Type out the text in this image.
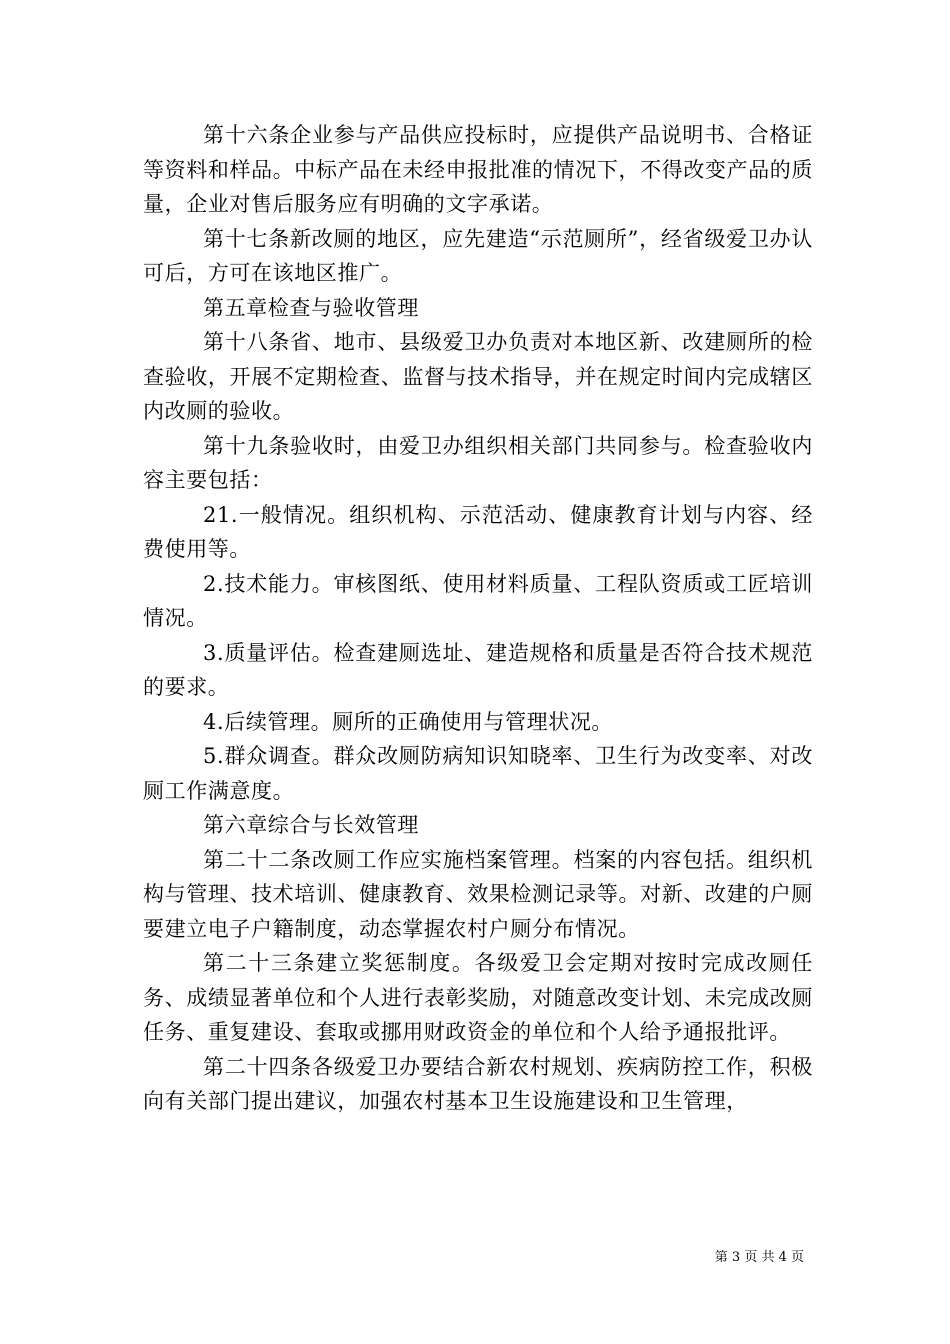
第十六条企业参与产品供应投标时，应提供产品说明书、合格证等资料和样品。中标产品在未经申报批准的情况下，不得改变产品的质量，企业对售后服务应有明确的文字承诺。

第十七条新改厕的地区，应先建造“示范厕所”，经省级爱卫办认可后，方可在该地区推广。

第五章检查与验收管理

第十八条省、地市、县级爱卫办负责对本地区新、改建厕所的检查验收，开展不定期检查、监督与技术指导，并在规定时间内完成辖区内改厕的验收。

第十九条验收时，由爱卫办组织相关部门共同参与。检查验收内容主要包括：

21.一般情况。组织机构、示范活动、健康教育计划与内容、经费使用等。

2.技术能力。审核图纸、使用材料质量、工程队资质或工匠培训情况。

3.质量评估。检查建厕选址、建造规格和质量是否符合技术规范的要求。

4.后续管理。厕所的正确使用与管理状况。

5.群众调查。群众改厕防病知识知晓率、卫生行为改变率、对改厕工作满意度。

第六章综合与长效管理

第二十二条改厕工作应实施档案管理。档案的内容包括。组织机构与管理、技术培训、健康教育、效果检测记录等。对新、改建的户厕要建立电子户籍制度，动态掌握农村户厕分布情况。

第二十三条建立奖惩制度。各级爱卫会定期对按时完成改厕任务、成绩显著单位和个人进行表彰奖励，对随意改变计划、未完成改厕任务、重复建设、套取或挪用财政资金的单位和个人给予通报批评。

第二十四条各级爱卫办要结合新农村规划、疾病防控工作，积极向有关部门提出建议，加强农村基本卫生设施建设和卫生管理，

第 3 页 共 4 页
